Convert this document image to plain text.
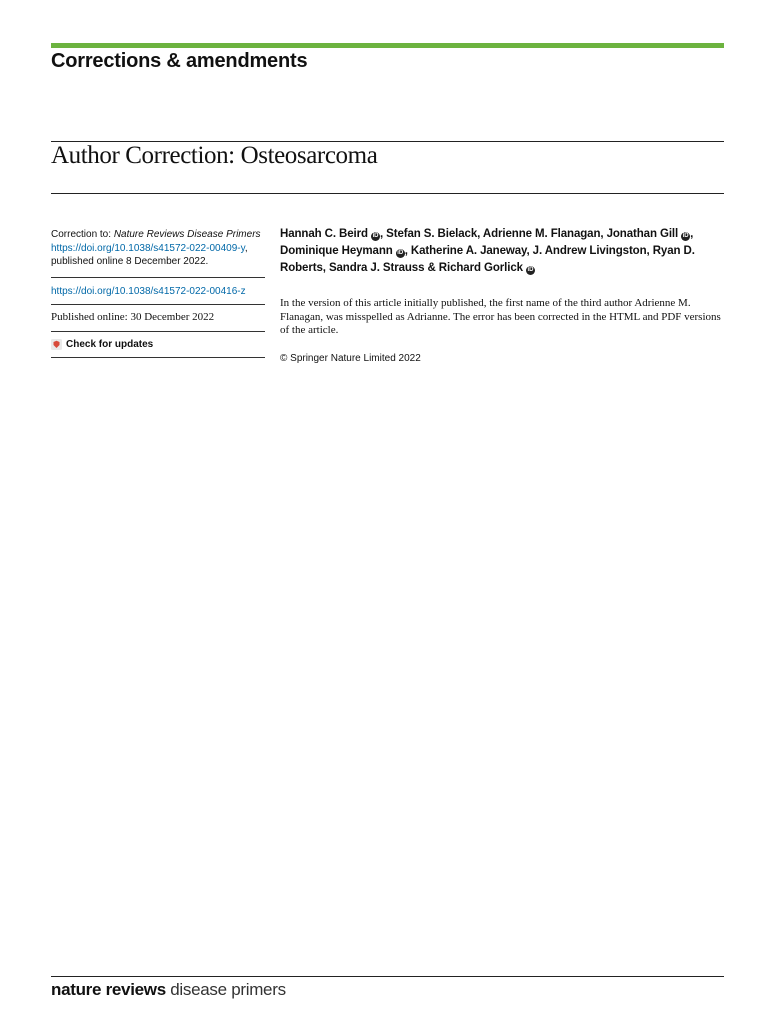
Corrections & amendments
Author Correction: Osteosarcoma
Correction to: Nature Reviews Disease Primers https://doi.org/10.1038/s41572-022-00409-y, published online 8 December 2022.
https://doi.org/10.1038/s41572-022-00416-z
Published online: 30 December 2022
Check for updates
Hannah C. Beird iD , Stefan S. Bielack, Adrienne M. Flanagan, Jonathan Gill iD , Dominique Heymann iD , Katherine A. Janeway, J. Andrew Livingston, Ryan D. Roberts, Sandra J. Strauss & Richard Gorlick iD
In the version of this article initially published, the first name of the third author Adrienne M. Flanagan, was misspelled as Adrianne. The error has been corrected in the HTML and PDF versions of the article.
© Springer Nature Limited 2022
nature reviews disease primers
